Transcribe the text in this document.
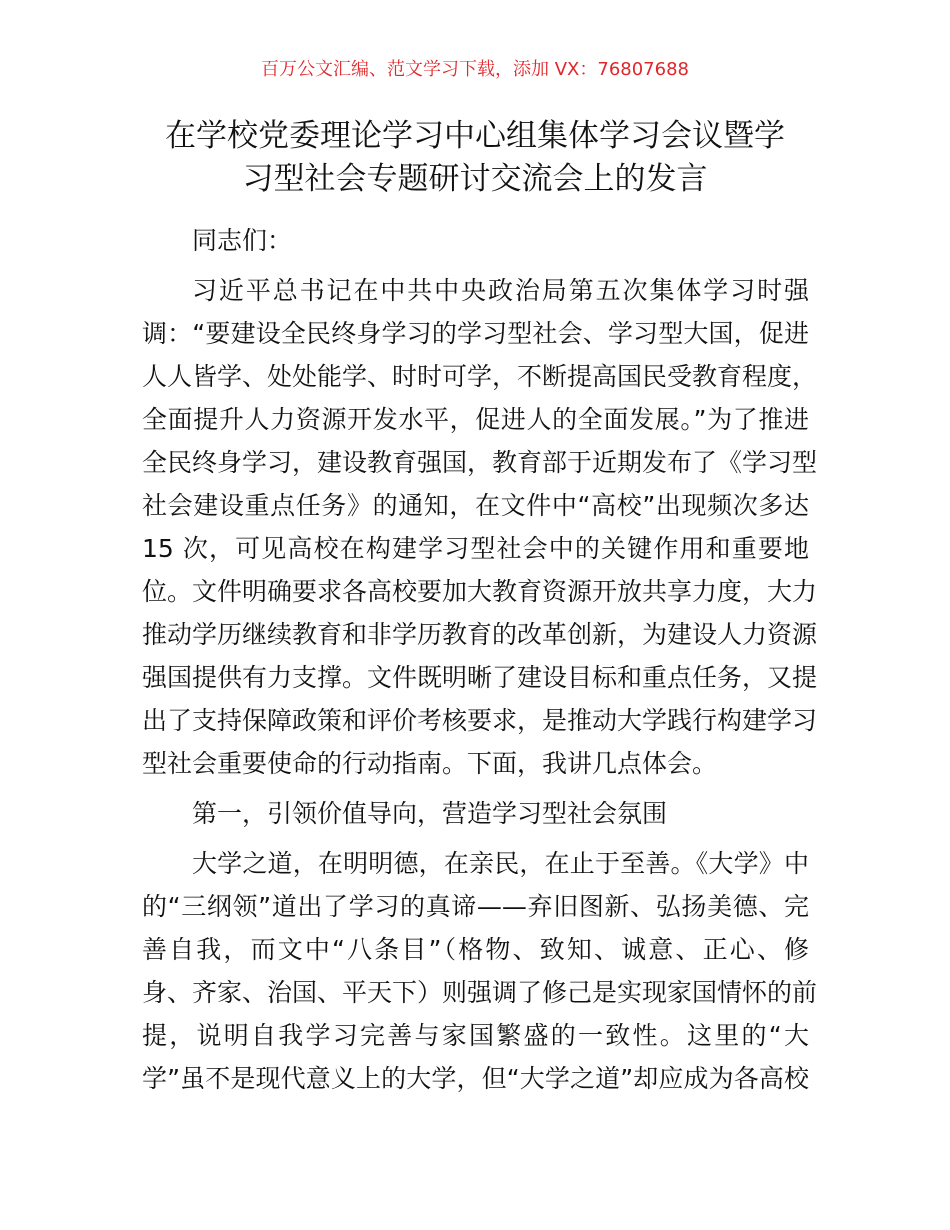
百万公文汇编、范文学习下载，添加 VX：76807688
在学校党委理论学习中心组集体学习会议暨学
习型社会专题研讨交流会上的发言
同志们：
习近平总书记在中共中央政治局第五次集体学习时强
调：“要建设全民终身学习的学习型社会、学习型大国，促进
人人皆学、处处能学、时时可学，不断提高国民受教育程度，
全面提升人力资源开发水平，促进人的全面发展。”为了推进
全民终身学习，建设教育强国，教育部于近期发布了《学习型
社会建设重点任务》的通知，在文件中“高校”出现频次多达
15 次，可见高校在构建学习型社会中的关键作用和重要地
位。文件明确要求各高校要加大教育资源开放共享力度，大力
推动学历继续教育和非学历教育的改革创新，为建设人力资源
强国提供有力支撑。文件既明晰了建设目标和重点任务，又提
出了支持保障政策和评价考核要求，是推动大学践行构建学习
型社会重要使命的行动指南。下面，我讲几点体会。
第一，引领价值导向，营造学习型社会氛围
大学之道，在明明德，在亲民，在止于至善。《大学》中
的“三纲领”道出了学习的真谛——弃旧图新、弘扬美德、完
善自我，而文中“八条目”（格物、致知、诚意、正心、修
身、齐家、治国、平天下）则强调了修己是实现家国情怀的前
提，说明自我学习完善与家国繁盛的一致性。这里的“大
学”虽不是现代意义上的大学，但“大学之道”却应成为各高校
